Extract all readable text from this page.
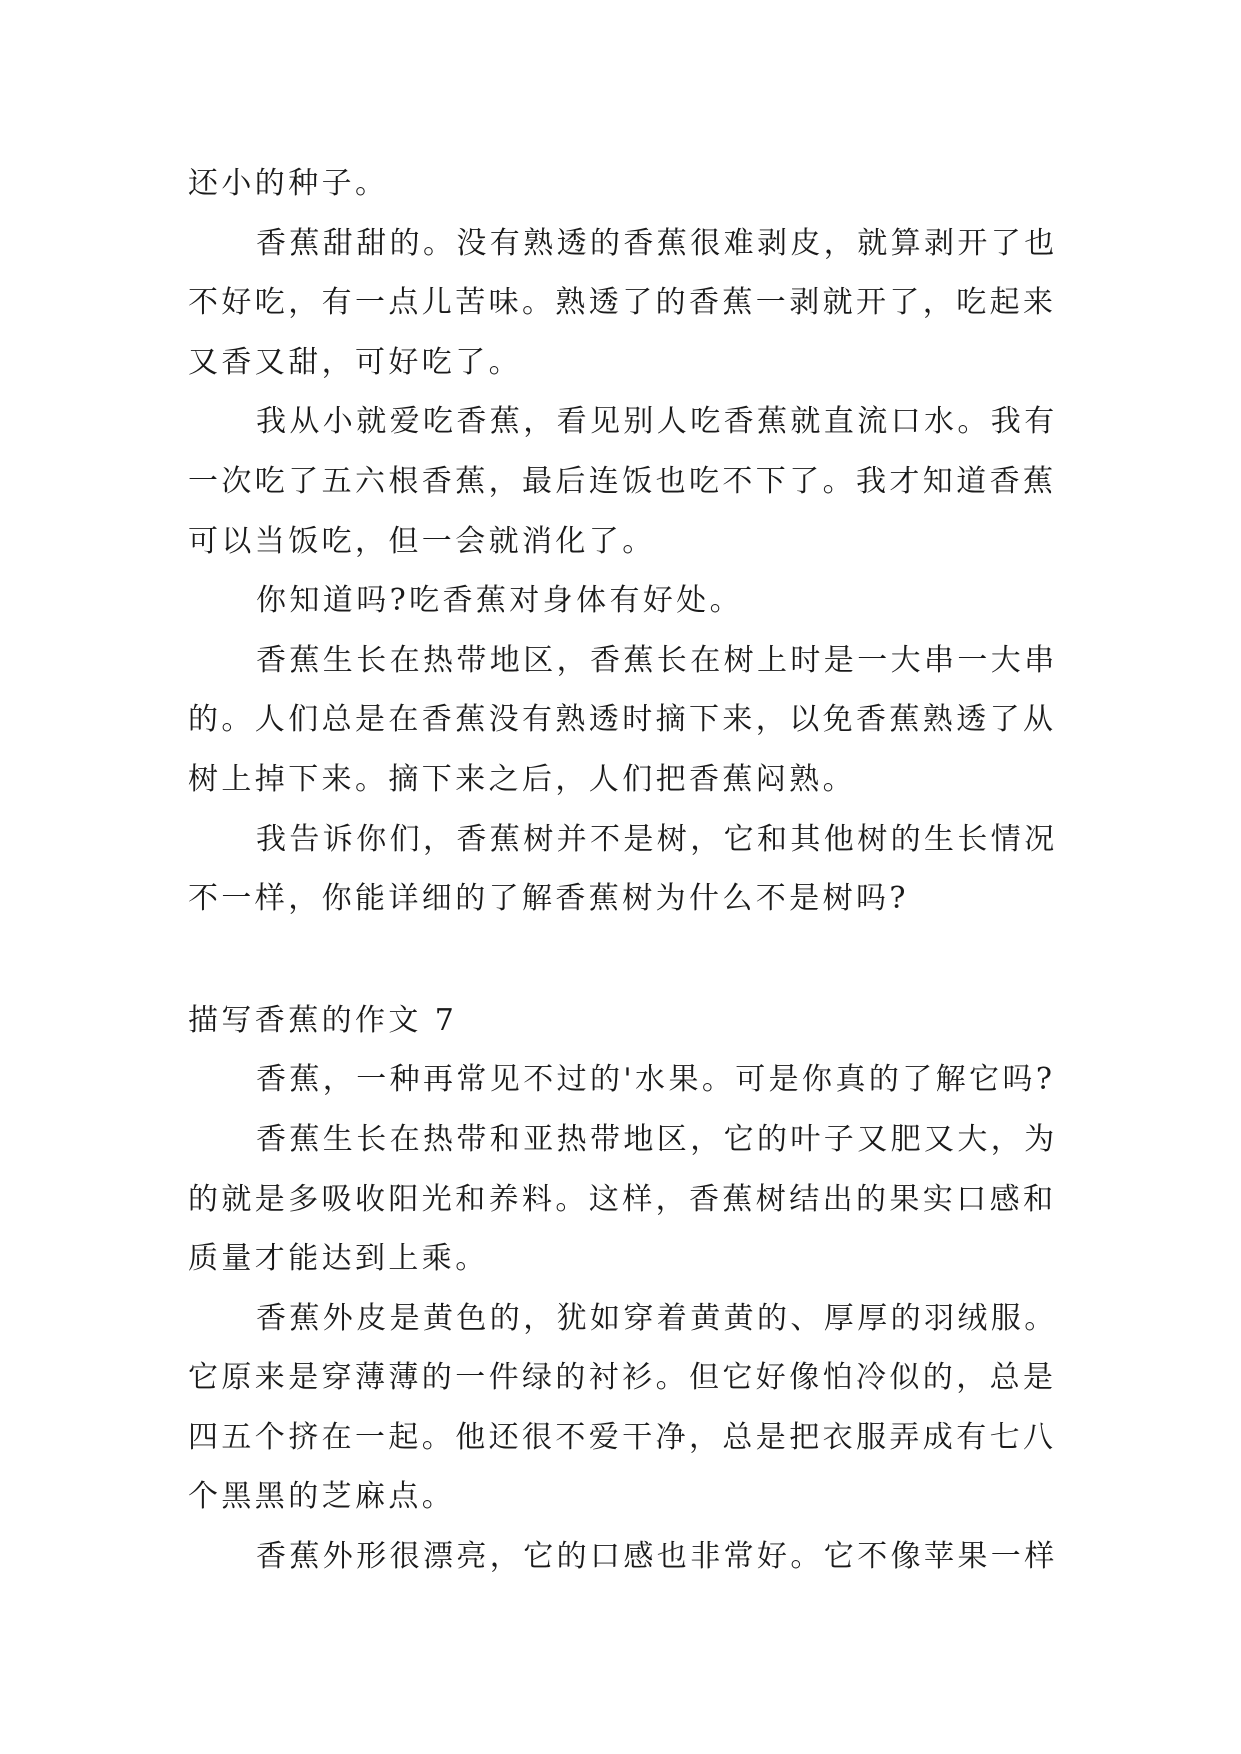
还小的种子。
香蕉甜甜的。没有熟透的香蕉很难剥皮，就算剥开了也
不好吃，有一点儿苦味。熟透了的香蕉一剥就开了，吃起来
又香又甜，可好吃了。
我从小就爱吃香蕉，看见别人吃香蕉就直流口水。我有
一次吃了五六根香蕉，最后连饭也吃不下了。我才知道香蕉
可以当饭吃，但一会就消化了。
你知道吗?吃香蕉对身体有好处。
香蕉生长在热带地区，香蕉长在树上时是一大串一大串
的。人们总是在香蕉没有熟透时摘下来，以免香蕉熟透了从
树上掉下来。摘下来之后，人们把香蕉闷熟。
我告诉你们，香蕉树并不是树，它和其他树的生长情况
不一样，你能详细的了解香蕉树为什么不是树吗?
描写香蕉的作文 7
香蕉，一种再常见不过的'水果。可是你真的了解它吗?
香蕉生长在热带和亚热带地区，它的叶子又肥又大，为
的就是多吸收阳光和养料。这样，香蕉树结出的果实口感和
质量才能达到上乘。
香蕉外皮是黄色的，犹如穿着黄黄的、厚厚的羽绒服。
它原来是穿薄薄的一件绿的衬衫。但它好像怕冷似的，总是
四五个挤在一起。他还很不爱干净，总是把衣服弄成有七八
个黑黑的芝麻点。
香蕉外形很漂亮，它的口感也非常好。它不像苹果一样
